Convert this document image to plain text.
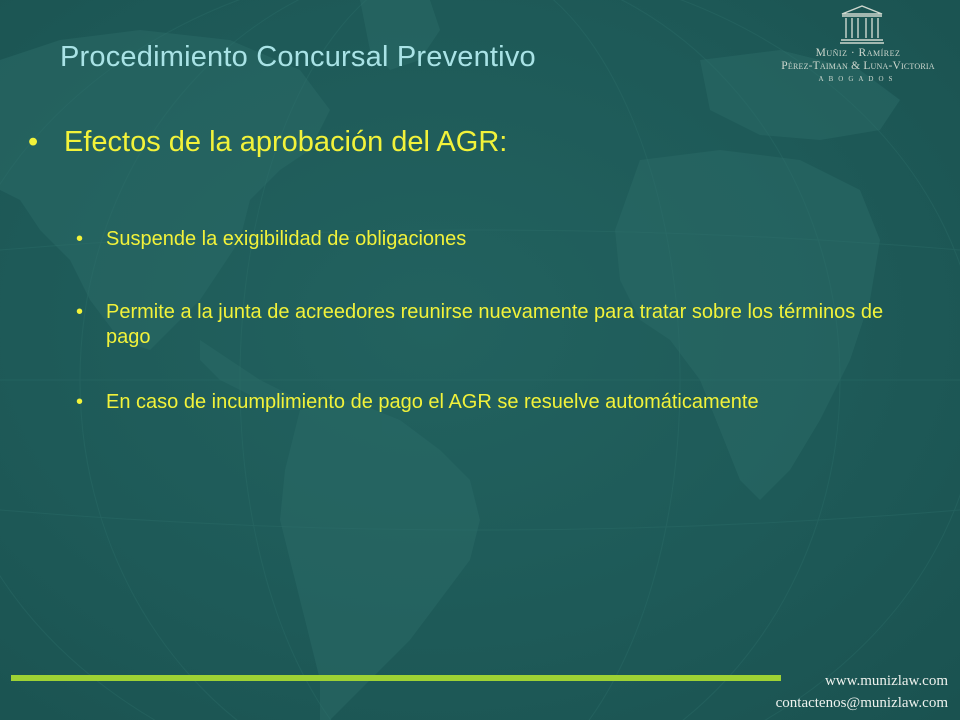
Procedimiento Concursal Preventivo	Muñiz · Ramírez
Pérez-Taiman & Luna-Victoria
ABOGADOS
• Efectos de la aprobación del AGR:
• Suspende la exigibilidad de obligaciones
• Permite a la junta de acreedores reunirse nuevamente para tratar sobre los términos de pago
• En caso de incumplimiento de pago el AGR se resuelve automáticamente
www.munizlaw.com
contactenos@munizlaw.com
